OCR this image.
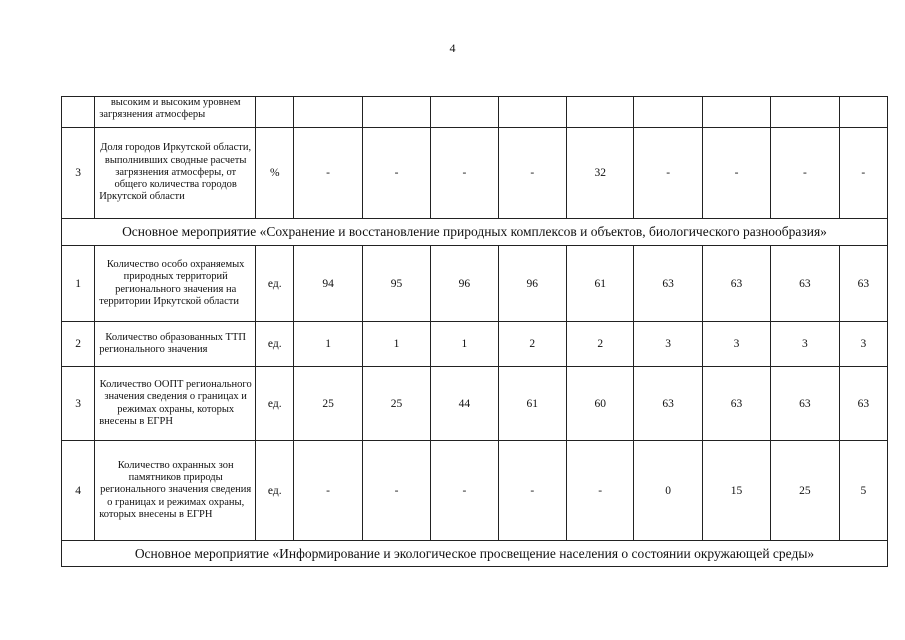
4
	высоким и высоким уровнем загрязнения атмосферы										
3	Доля городов Иркутской области, выполнивших сводные расчеты загрязнения атмосферы, от общего количества городов Иркутской области	%	-	-	-	-	32	-	-	-	-
Основное мероприятие «Сохранение и восстановление природных комплексов и объектов, биологического разнообразия»											
1	Количество особо охраняемых природных территорий регионального значения на территории Иркутской области	ед.	94	95	96	96	61	63	63	63	63
2	Количество образованных ТТП регионального значения	ед.	1	1	1	2	2	3	3	3	3
3	Количество ООПТ регионального значения сведения о границах и режимах охраны, которых внесены в ЕГРН	ед.	25	25	44	61	60	63	63	63	63
4	Количество охранных зон памятников природы регионального значения сведения о границах и режимах охраны, которых внесены в ЕГРН	ед.	-	-	-	-	-	0	15	25	5
Основное мероприятие «Информирование и экологическое просвещение населения о состоянии окружающей среды»											
